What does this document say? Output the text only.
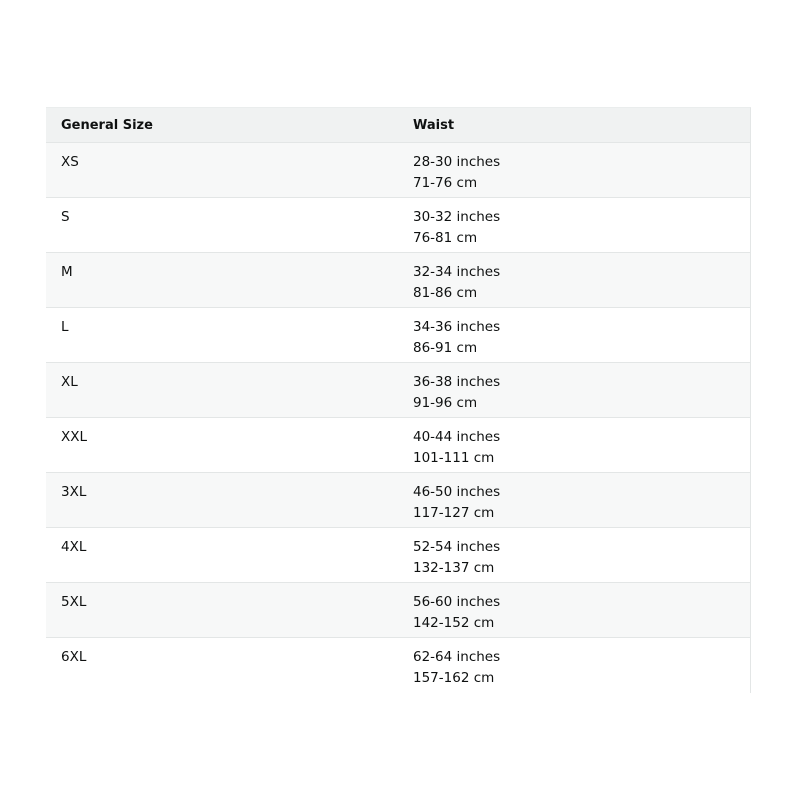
General Size	Waist
XS	28-30 inches
71-76 cm
S	30-32 inches
76-81 cm
M	32-34 inches
81-86 cm
L	34-36 inches
86-91 cm
XL	36-38 inches
91-96 cm
XXL	40-44 inches
101-111 cm
3XL	46-50 inches
117-127 cm
4XL	52-54 inches
132-137 cm
5XL	56-60 inches
142-152 cm
6XL	62-64 inches
157-162 cm
